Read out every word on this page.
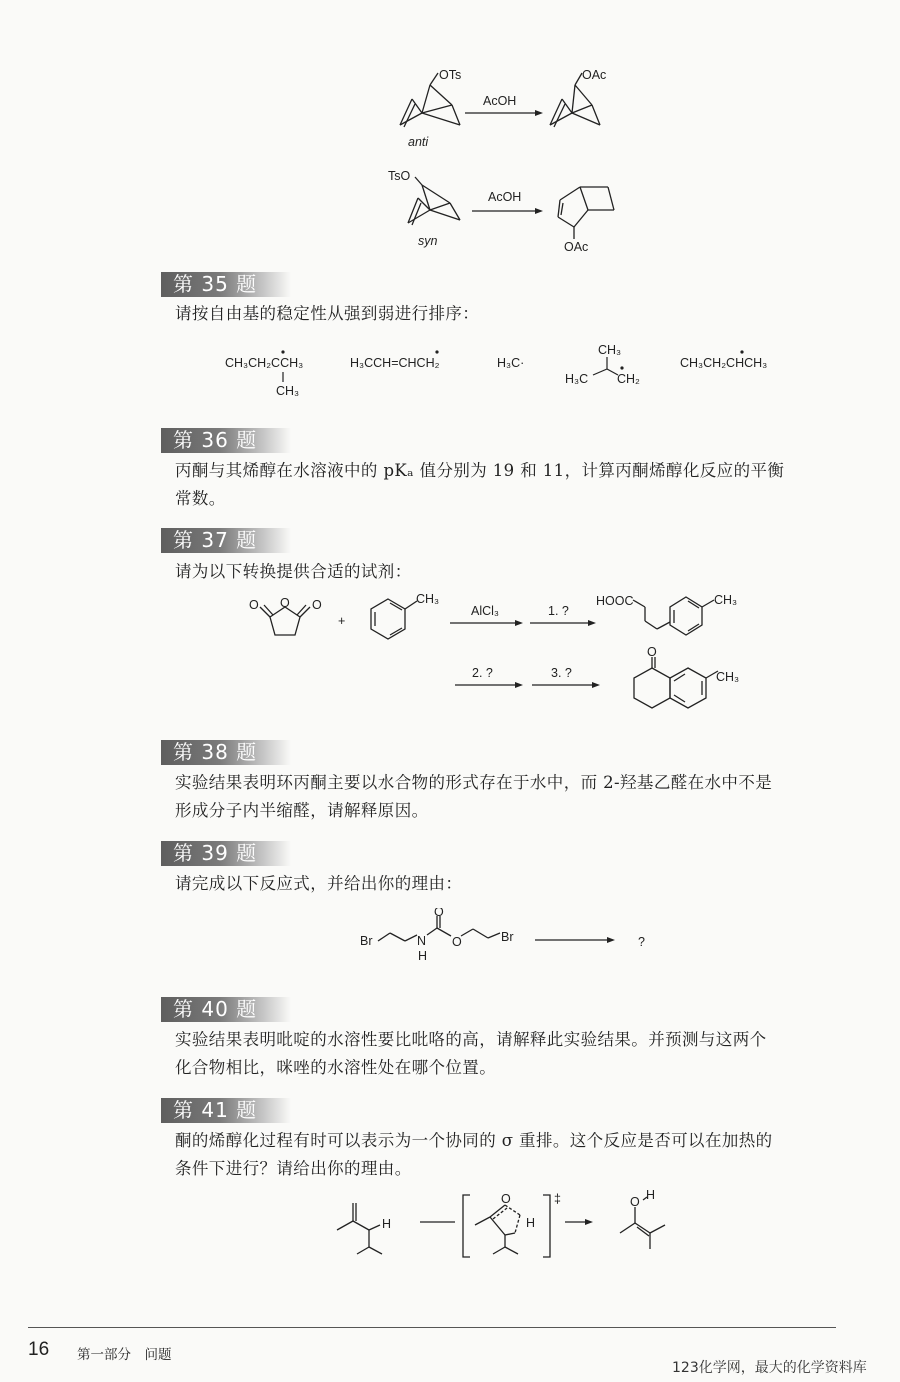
OTs
anti
AcOH
OAc
TsO
syn
AcOH
OAc
第 35 题
请按自由基的稳定性从强到弱进行排序：
CH₃CH₂CCH₃
CH₃
H₃CCH=CHCH₂	H₃C·
CH₃
H₃C CH₂
CH₃CH₂CHCH₃
第 36 题
丙酮与其烯醇在水溶液中的 pKₐ 值分别为 19 和 11，计算丙酮烯醇化反应的平衡
常数。
第 37 题
请为以下转换提供合适的试剂：
O
O	O
+
CH₃
AlCl₃	1. ?
HOOC	CH₃
2. ?	3. ?
O
CH₃
第 38 题
实验结果表明环丙酮主要以水合物的形式存在于水中，而 2-羟基乙醛在水中不是
形成分子内半缩醛，请解释原因。
第 39 题
请完成以下反应式，并给出你的理由：
Br	N
H
O
O	Br	?
第 40 题
实验结果表明吡啶的水溶性要比吡咯的高，请解释此实验结果。并预测与这两个
化合物相比，咪唑的水溶性处在哪个位置。
第 41 题
酮的烯醇化过程有时可以表示为一个协同的 σ 重排。这个反应是否可以在加热的
条件下进行？请给出你的理由。
H
‡
O
H
O H
16 第一部分　问题
123化学网，最大的化学资料库
